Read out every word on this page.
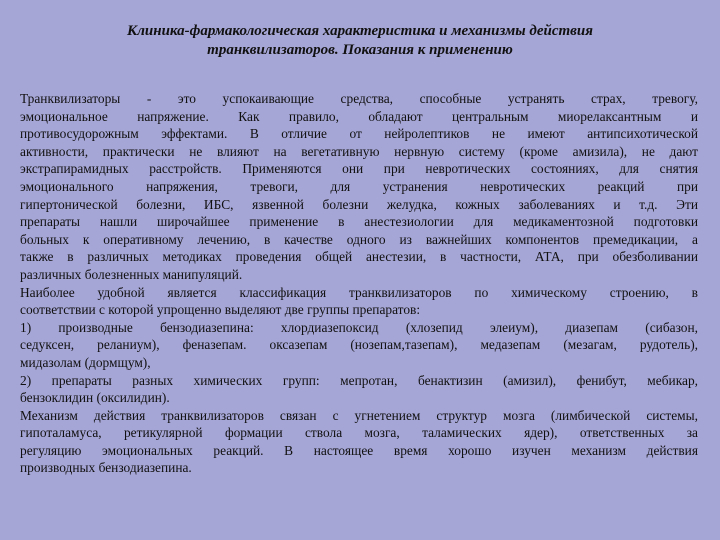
Клиника-фармакологическая характеристика и механизмы действия
транквилизаторов. Показания к применению
Транквилизаторы - это успокаивающие средства, способные устранять страх, тревогу,
эмоциональное напряжение. Как правило, обладают центральным миорелаксантным и
противосудорожным эффектами. В отличие от нейролептиков не имеют антипсихотической
активности, практически не влияют на вегетативную нервную систему (кроме амизила), не дают
экстрапирамидных расстройств. Применяются они при невротических состояниях, для снятия
эмоционального напряжения, тревоги, для устранения невротических реакций при
гипертонической болезни, ИБС, язвенной болезни желудка, кожных заболеваниях и т.д. Эти
препараты нашли широчайшее применение в анестезиологии для медикаментозной подготовки
больных к оперативному лечению, в качестве одного из важнейших компонентов премедикации, а
также в различных методиках проведения общей анестезии, в частности, АТА, при обезболивании
различных болезненных манипуляций.
Наиболее удобной является классификация транквилизаторов по химическому строению, в
соответствии с которой упрощенно выделяют две группы препаратов:
1) производные бензодиазепина: хлордиазепоксид (хлозепид элеиум), диазепам (сибазон,
седуксен, реланиум), феназепам. оксазепам (нозепам,тазепам), медазепам (мезагам, рудотель),
мидазолам (дормщум),
2) препараты разных химических групп: мепротан, бенактизин (амизил), фенибут, мебикар,
бензоклидин (оксилидин).
Механизм действия транквилизаторов связан с угнетением структур мозга (лимбической системы,
гипоталамуса, ретикулярной формации ствола мозга, таламических ядер), ответственных за
регуляцию эмоциональных реакций. В настоящее время хорошо изучен механизм действия
производных бензодиазепина.
